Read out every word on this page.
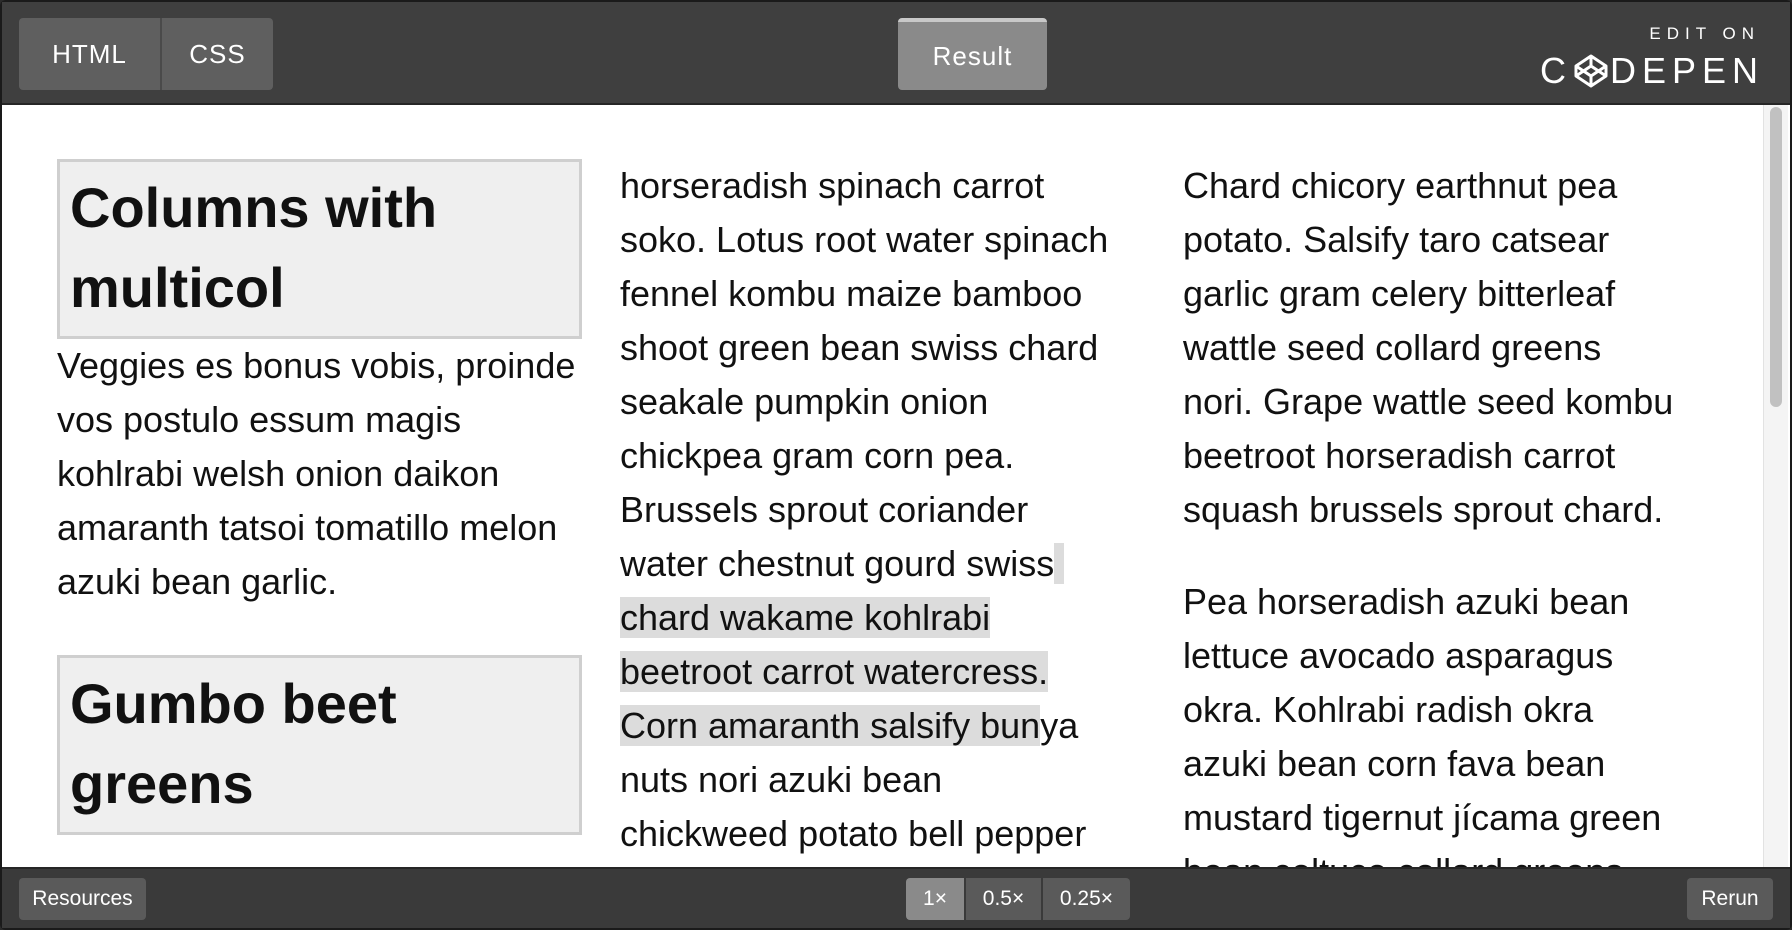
HTML	CSS	Result
EDIT ON
C DEPEN
Columns with multicol

Veggies es bonus vobis, proinde vos postulo essum magis kohlrabi welsh onion daikon amaranth tatsoi tomatillo melon azuki bean garlic.

Gumbo beet greens
horseradish spinach carrot
soko. Lotus root water spinach
fennel kombu maize bamboo
shoot green bean swiss chard
seakale pumpkin onion
chickpea gram corn pea.
Brussels sprout coriander
water chestnut gourd swiss
chard wakame kohlrabi
beetroot carrot watercress.
Corn amaranth salsify bunya
nuts nori azuki bean
chickweed potato bell pepper
Chard chicory earthnut pea
potato. Salsify taro catsear
garlic gram celery bitterleaf
wattle seed collard greens
nori. Grape wattle seed kombu
beetroot horseradish carrot
squash brussels sprout chard.
Pea horseradish azuki bean
lettuce avocado asparagus
okra. Kohlrabi radish okra
azuki bean corn fava bean
mustard tigernut jícama green
Resources	1×	0.5×	0.25×	Rerun
